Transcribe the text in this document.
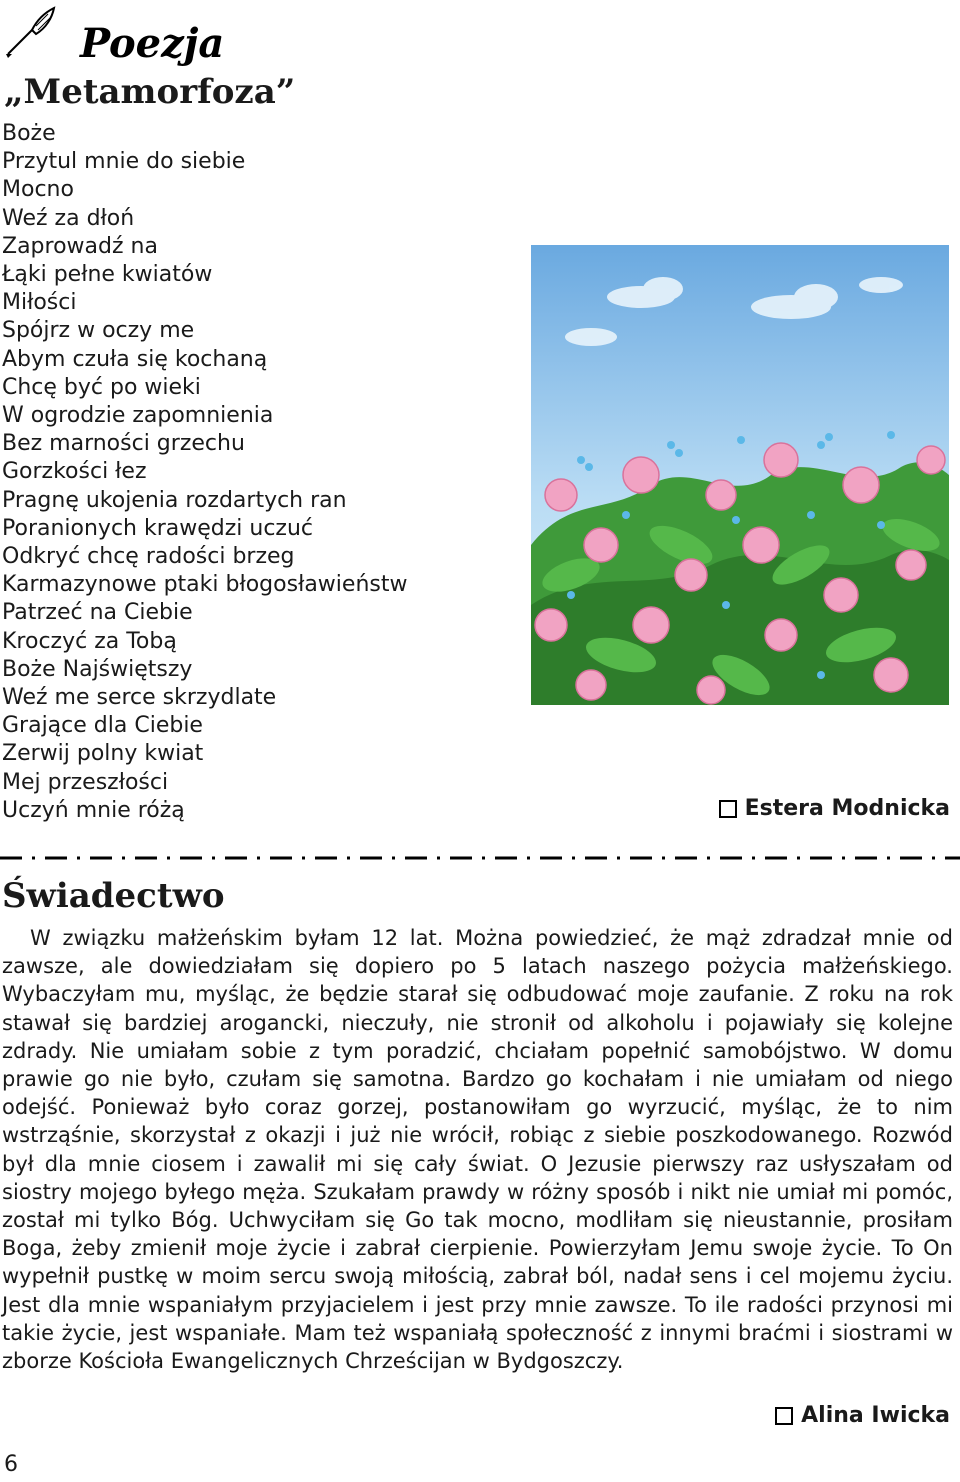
Poezja
„Metamorfoza”
Boże
Przytul mnie do siebie
Mocno
Weź za dłoń
Zaprowadź na
Łąki pełne kwiatów
Miłości
Spójrz w oczy me
Abym czuła się kochaną
Chcę być po wieki
W ogrodzie zapomnienia
Bez marności grzechu
Gorzkości łez
Pragnę ukojenia rozdartych ran
Poranionych krawędzi uczuć
Odkryć chcę radości brzeg
Karmazynowe ptaki błogosławieństw
Patrzeć na Ciebie
Kroczyć za Tobą
Boże Najświętszy
Weź me serce skrzydlate
Grające dla Ciebie
Zerwij polny kwiat
Mej przeszłości
Uczyń mnie różą	Estera Modnicka
Świadectwo

W związku małżeńskim byłam 12 lat. Można powiedzieć, że mąż zdradzał mnie od zawsze, ale dowiedziałam się dopiero po 5 latach naszego pożycia małżeńskiego. Wybaczyłam mu, myśląc, że będzie starał się odbudować moje zaufanie. Z roku na rok stawał się bardziej arogancki, nieczuły, nie stronił od alkoholu i pojawiały się kolejne zdrady. Nie umiałam sobie z tym poradzić, chciałam popełnić samobójstwo. W domu prawie go nie było, czułam się samotna. Bardzo go kochałam i nie umiałam od niego odejść. Ponieważ było coraz gorzej, postanowiłam go wyrzucić, myśląc, że to nim wstrząśnie, skorzystał z okazji i już nie wrócił, robiąc z siebie poszkodowanego. Rozwód był dla mnie ciosem i zawalił mi się cały świat. O Jezusie pierwszy raz usłyszałam od siostry mojego byłego męża. Szukałam prawdy w różny sposób i nikt nie umiał mi pomóc, został mi tylko Bóg. Uchwyciłam się Go tak mocno, modliłam się nieustannie, prosiłam Boga, żeby zmienił moje życie i zabrał cierpienie. Powierzyłam Jemu swoje życie. To On wypełnił pustkę w moim sercu swoją miłością, zabrał ból, nadał sens i cel mojemu życiu. Jest dla mnie wspaniałym przyjacielem i jest przy mnie zawsze. To ile radości przynosi mi takie życie, jest wspaniałe. Mam też wspaniałą społeczność z innymi braćmi i siostrami w zborze Kościoła Ewangelicznych Chrześcijan w Bydgoszczy.

Alina Iwicka
6
